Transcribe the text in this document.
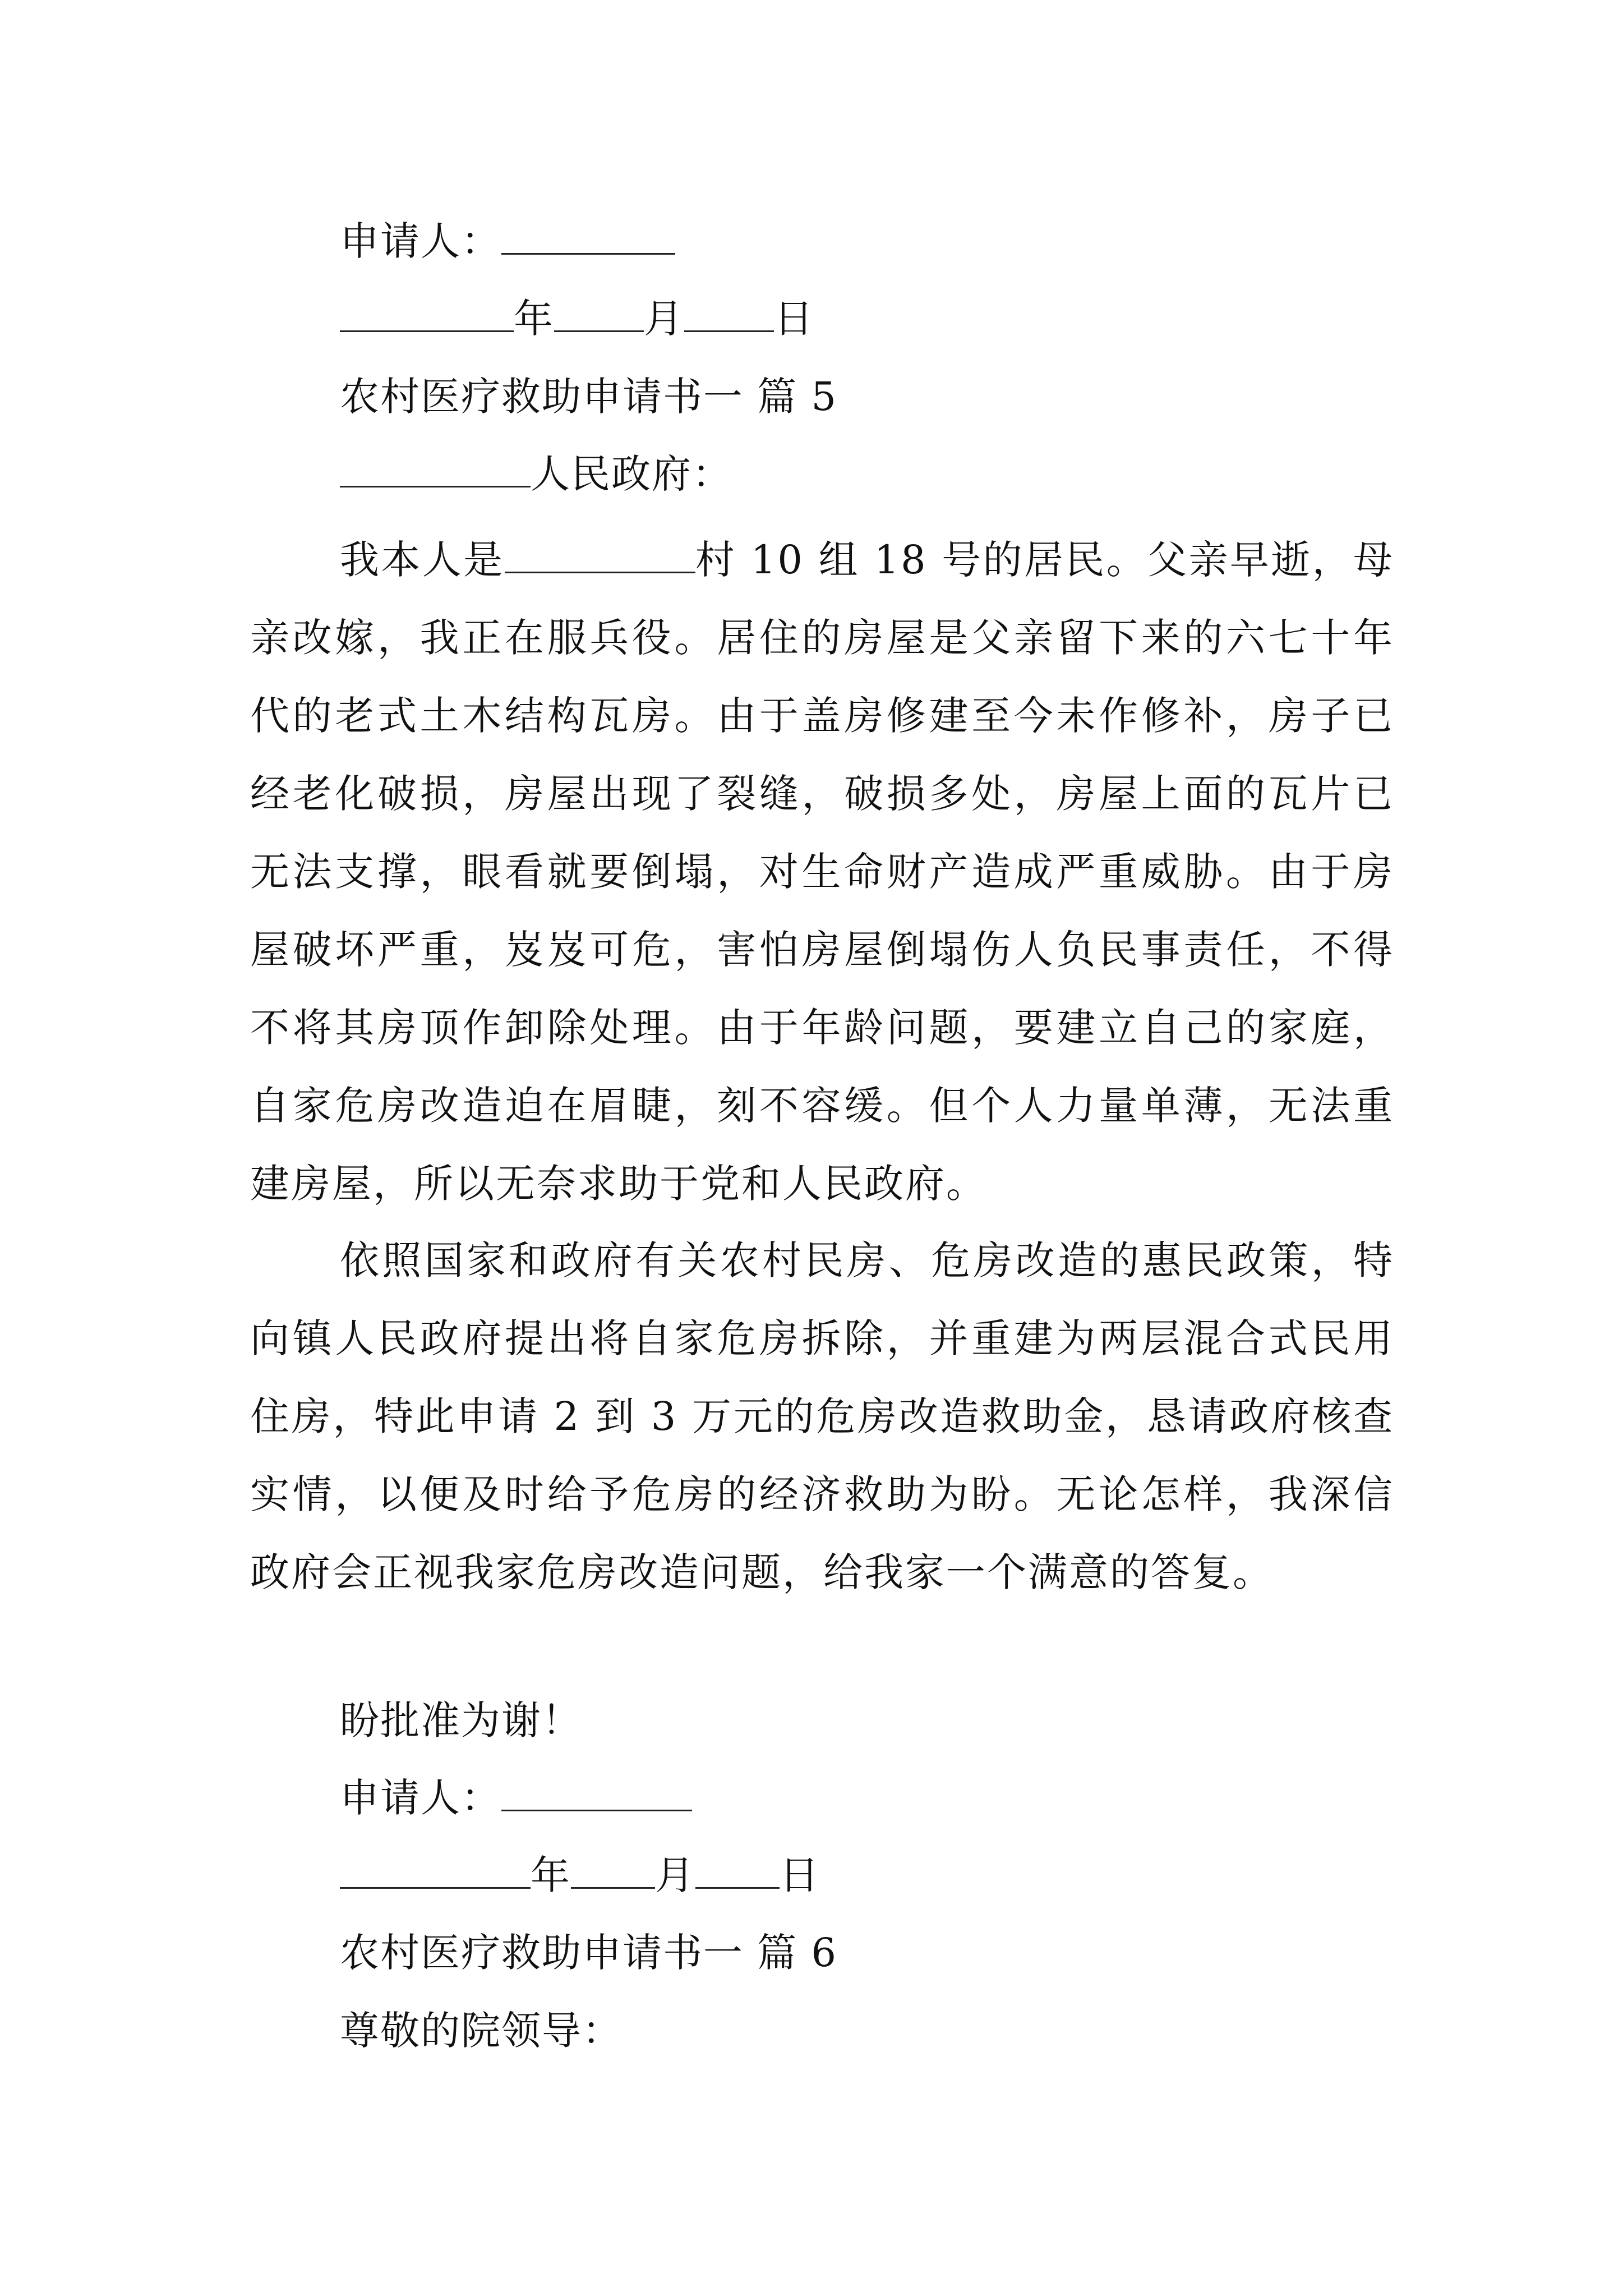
申请人：
年 月 日
农村医疗救助申请书一 篇 5
人民政府：
我本人是	村 10 组 18 号的居民。父亲早逝，母亲改嫁，我正在服兵役。居住的房屋是父亲留下来的六七十年代的老式土木结构瓦房。由于盖房修建至今未作修补，房子已经老化破损，房屋出现了裂缝，破损多处，房屋上面的瓦片已无法支撑，眼看就要倒塌，对生命财产造成严重威胁。由于房屋破坏严重，岌岌可危，害怕房屋倒塌伤人负民事责任，不得不将其房顶作卸除处理。由于年龄问题，要建立自己的家庭，自家危房改造迫在眉睫，刻不容缓。但个人力量单薄，无法重建房屋，所以无奈求助于党和人民政府。
依照国家和政府有关农村民房、危房改造的惠民政策，特向镇人民政府提出将自家危房拆除，并重建为两层混合式民用住房，特此申请 2 到 3 万元的危房改造救助金，恳请政府核查实情，以便及时给予危房的经济救助为盼。无论怎样，我深信政府会正视我家危房改造问题，给我家一个满意的答复。
盼批准为谢！
申请人：
年 月 日
农村医疗救助申请书一 篇 6
尊敬的院领导：
